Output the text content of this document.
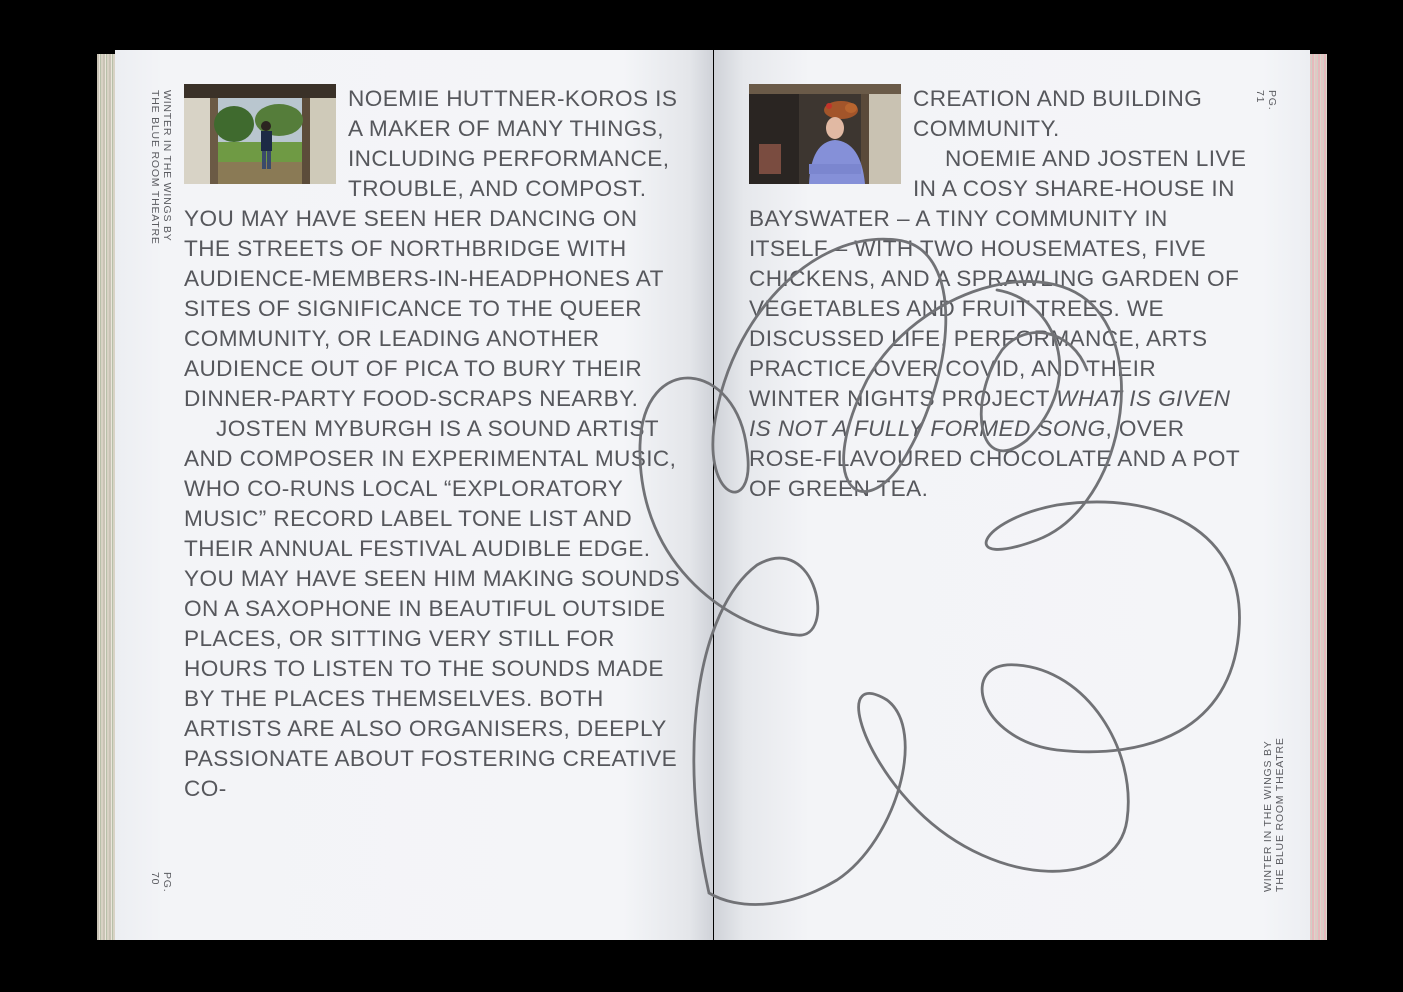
WINTER IN THE WINGS BY
THE BLUE ROOM THEATRE
PG.
70

NOEMIE HUTTNER-KOROS IS A MAKER OF MANY THINGS, INCLUDING PERFORMANCE, TROUBLE, AND COMPOST. YOU MAY HAVE SEEN HER DANCING ON THE STREETS OF NORTHBRIDGE WITH AUDIENCE-MEMBERS-IN-HEADPHONES AT SITES OF SIGNIFICANCE TO THE QUEER COMMUNITY, OR LEADING ANOTHER AUDIENCE OUT OF PICA TO BURY THEIR DINNER-PARTY FOOD-SCRAPS NEARBY.

JOSTEN MYBURGH IS A SOUND ARTIST AND COMPOSER IN EXPERIMENTAL MUSIC, WHO CO-RUNS LOCAL “EXPLORATORY MUSIC” RECORD LABEL TONE LIST AND THEIR ANNUAL FESTIVAL AUDIBLE EDGE. YOU MAY HAVE SEEN HIM MAKING SOUNDS ON A SAXOPHONE IN BEAUTIFUL OUTSIDE PLACES, OR SITTING VERY STILL FOR HOURS TO LISTEN TO THE SOUNDS MADE BY THE PLACES THEMSELVES. BOTH ARTISTS ARE ALSO ORGANISERS, DEEPLY PASSIONATE ABOUT FOSTERING CREATIVE CO-

PG.
71
WINTER IN THE WINGS BY
THE BLUE ROOM THEATRE

CREATION AND BUILDING COMMUNITY.

NOEMIE AND JOSTEN LIVE IN A COSY SHARE-HOUSE IN BAYSWATER – A TINY COMMUNITY IN ITSELF – WITH TWO HOUSEMATES, FIVE CHICKENS, AND A SPRAWLING GARDEN OF VEGETABLES AND FRUIT TREES. WE DISCUSSED LIFE, PERFORMANCE, ARTS PRACTICE OVER COVID, AND THEIR WINTER NIGHTS PROJECT WHAT IS GIVEN IS NOT A FULLY FORMED SONG, OVER ROSE-FLAVOURED CHOCOLATE AND A POT OF GREEN TEA.
